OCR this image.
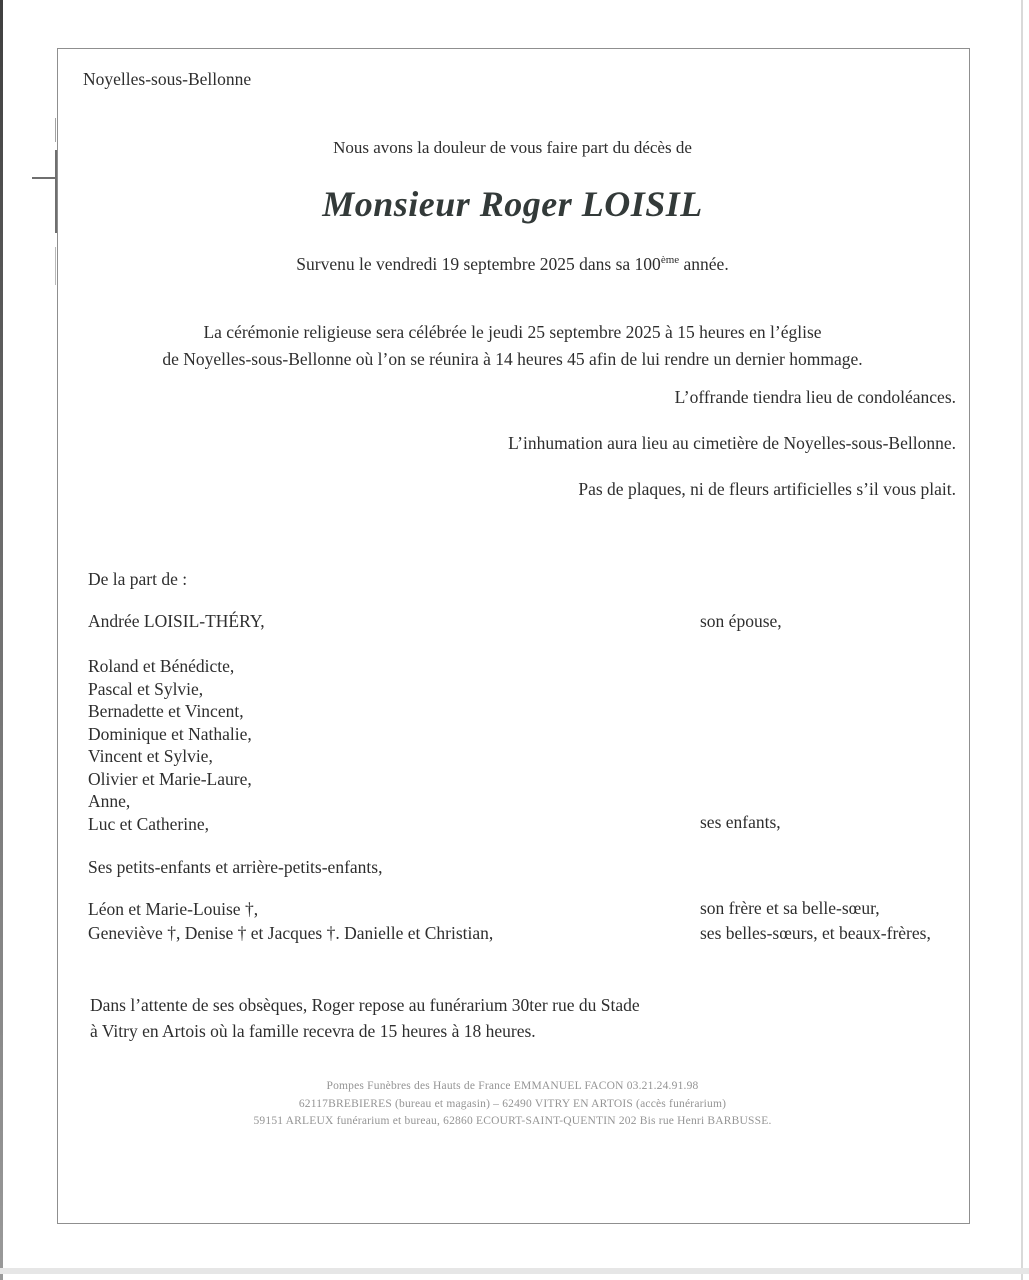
Noyelles-sous-Bellonne
Nous avons la douleur de vous faire part du décès de
Monsieur Roger LOISIL
Survenu le vendredi 19 septembre 2025 dans sa 100ème année.
La cérémonie religieuse sera célébrée le jeudi 25 septembre 2025 à 15 heures en l’église
de Noyelles-sous-Bellonne où l’on se réunira à 14 heures 45 afin de lui rendre un dernier hommage.
L’offrande tiendra lieu de condoléances.
L’inhumation aura lieu au cimetière de Noyelles-sous-Bellonne.
Pas de plaques, ni de fleurs artificielles s’il vous plait.
De la part de :
Andrée LOISIL-THÉRY,	son épouse,
Roland et Bénédicte,
Pascal et Sylvie,
Bernadette et Vincent,
Dominique et Nathalie,
Vincent et Sylvie,
Olivier et Marie-Laure,
Anne,
Luc et Catherine,	ses enfants,
Ses petits-enfants et arrière-petits-enfants,
Léon et Marie-Louise †,	son frère et sa belle-sœur,
Geneviève †, Denise † et Jacques †. Danielle et Christian,	ses belles-sœurs, et beaux-frères,
Dans l’attente de ses obsèques, Roger repose au funérarium 30ter rue du Stade
à Vitry en Artois où la famille recevra de 15 heures à 18 heures.
Pompes Funèbres des Hauts de France EMMANUEL FACON 03.21.24.91.98
62117BREBIERES (bureau et magasin) – 62490 VITRY EN ARTOIS (accès funérarium)
59151 ARLEUX funérarium et bureau, 62860 ECOURT-SAINT-QUENTIN 202 Bis rue Henri BARBUSSE.
